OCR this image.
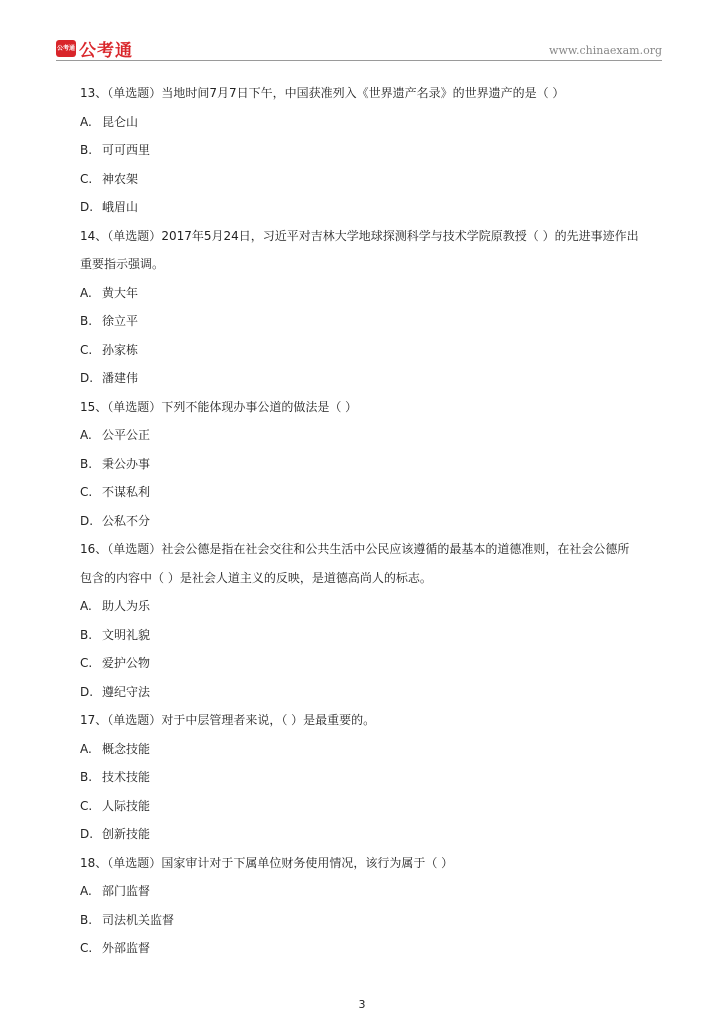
公考通 公考通	www.chinaexam.org

13、（单选题）当地时间7月7日下午，中国获准列入《世界遗产名录》的世界遗产的是（ ）

A. 昆仑山

B. 可可西里

C. 神农架

D. 峨眉山

14、（单选题）2017年5月24日，习近平对吉林大学地球探测科学与技术学院原教授（ ）的先进事迹作出

重要指示强调。

A. 黄大年

B. 徐立平

C. 孙家栋

D. 潘建伟

15、（单选题）下列不能体现办事公道的做法是（ ）

A. 公平公正

B. 秉公办事

C. 不谋私利

D. 公私不分

16、（单选题）社会公德是指在社会交往和公共生活中公民应该遵循的最基本的道德准则，在社会公德所

包含的内容中（ ）是社会人道主义的反映，是道德高尚人的标志。

A. 助人为乐

B. 文明礼貌

C. 爱护公物

D. 遵纪守法

17、（单选题）对于中层管理者来说，（ ）是最重要的。

A. 概念技能

B. 技术技能

C. 人际技能

D. 创新技能

18、（单选题）国家审计对于下属单位财务使用情况，该行为属于（ ）

A. 部门监督

B. 司法机关监督

C. 外部监督

3
